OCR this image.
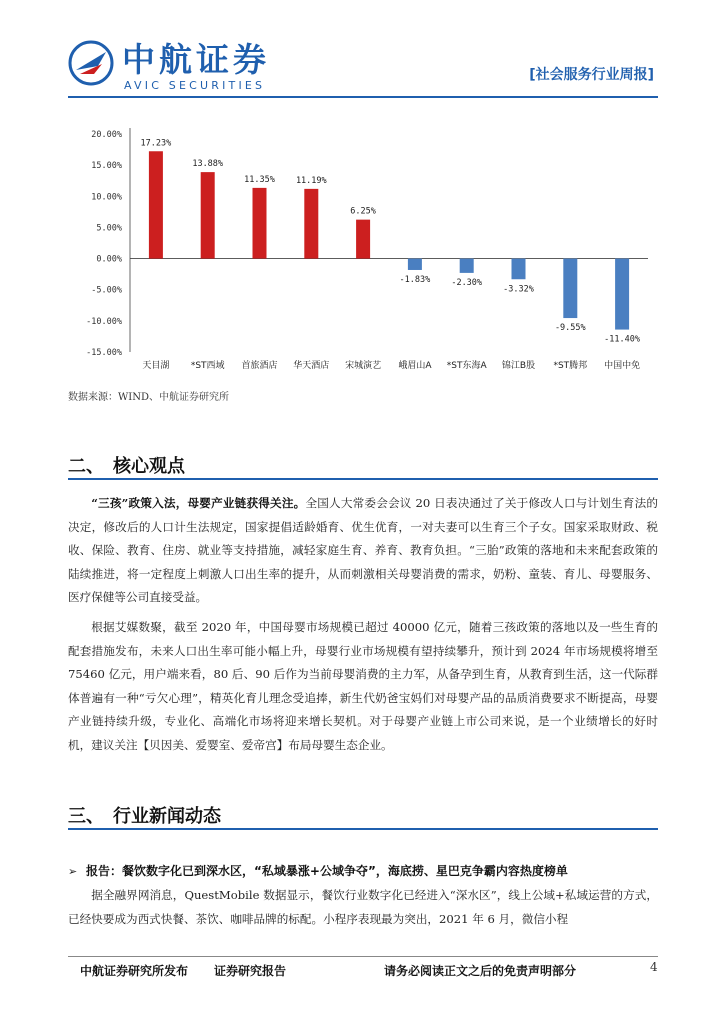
中航证券
AVIC SECURITIES
[社会服务行业周报]
20.00%
15.00%
10.00%
5.00%
0.00%
-5.00%
-10.00%
-15.00%
17.23%
天目湖
13.88%
*ST西域
11.35%
首旅酒店
11.19%
华天酒店
6.25%
宋城演艺
-1.83%
峨眉山A
-2.30%
*ST东海A
-3.32%
锦江B股
-9.55%
*ST腾邦
-11.40%
中国中免
数据来源：WIND、中航证券研究所
二、　核心观点
“三孩”政策入法，母婴产业链获得关注。全国人大常委会会议 20 日表决通过了关于修改人口与计划生育法的决定，修改后的人口计生法规定，国家提倡适龄婚育、优生优育，一对夫妻可以生育三个子女。国家采取财政、税收、保险、教育、住房、就业等支持措施，减轻家庭生育、养育、教育负担。“三胎”政策的落地和未来配套政策的陆续推进，将一定程度上刺激人口出生率的提升，从而刺激相关母婴消费的需求，奶粉、童装、育儿、母婴服务、医疗保健等公司直接受益。
根据艾媒数聚，截至 2020 年，中国母婴市场规模已超过 40000 亿元，随着三孩政策的落地以及一些生育的配套措施发布，未来人口出生率可能小幅上升，母婴行业市场规模有望持续攀升，预计到 2024 年市场规模将增至 75460 亿元，用户端来看，80 后、90 后作为当前母婴消费的主力军，从备孕到生育，从教育到生活，这一代际群体普遍有一种“亏欠心理”，精英化育儿理念受追捧，新生代奶爸宝妈们对母婴产品的品质消费要求不断提高，母婴产业链持续升级，专业化、高端化市场将迎来增长契机。对于母婴产业链上市公司来说，是一个业绩增长的好时机，建议关注【贝因美、爱婴室、爱帝宫】布局母婴生态企业。
三、　行业新闻动态
➢ 报告：餐饮数字化已到深水区，“私域暴涨+公域争夺”，海底捞、星巴克争霸内容热度榜单
据全融界网消息，QuestMobile 数据显示，餐饮行业数字化已经进入“深水区”，线上公域+私域运营的方式，已经快要成为西式快餐、茶饮、咖啡品牌的标配。小程序表现最为突出，2021 年 6 月，微信小程
中航证券研究所发布 证券研究报告	请务必阅读正文之后的免责声明部分	4
